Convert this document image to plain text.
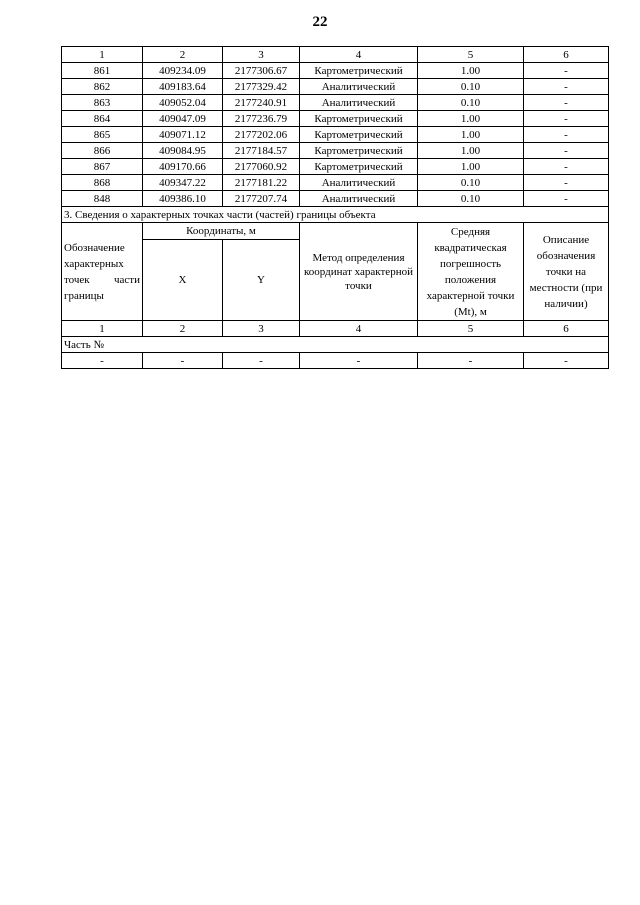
22
1	2	3	4	5	6
861	409234.09	2177306.67	Картометрический	1.00	-
862	409183.64	2177329.42	Аналитический	0.10	-
863	409052.04	2177240.91	Аналитический	0.10	-
864	409047.09	2177236.79	Картометрический	1.00	-
865	409071.12	2177202.06	Картометрический	1.00	-
866	409084.95	2177184.57	Картометрический	1.00	-
867	409170.66	2177060.92	Картометрический	1.00	-
868	409347.22	2177181.22	Аналитический	0.10	-
848	409386.10	2177207.74	Аналитический	0.10	-
3. Сведения о характерных точках части (частей) границы объекта					
Обозначение характерных точек части границы	Координаты, м		Метод определения координат характерной точки	Средняя квадратическая погрешность положения характерной точки (Mt), м	Описание обозначения точки на местности (при наличии)
	X	Y			
1	2	3	4	5	6
Часть №					
-	-	-	-	-	-
